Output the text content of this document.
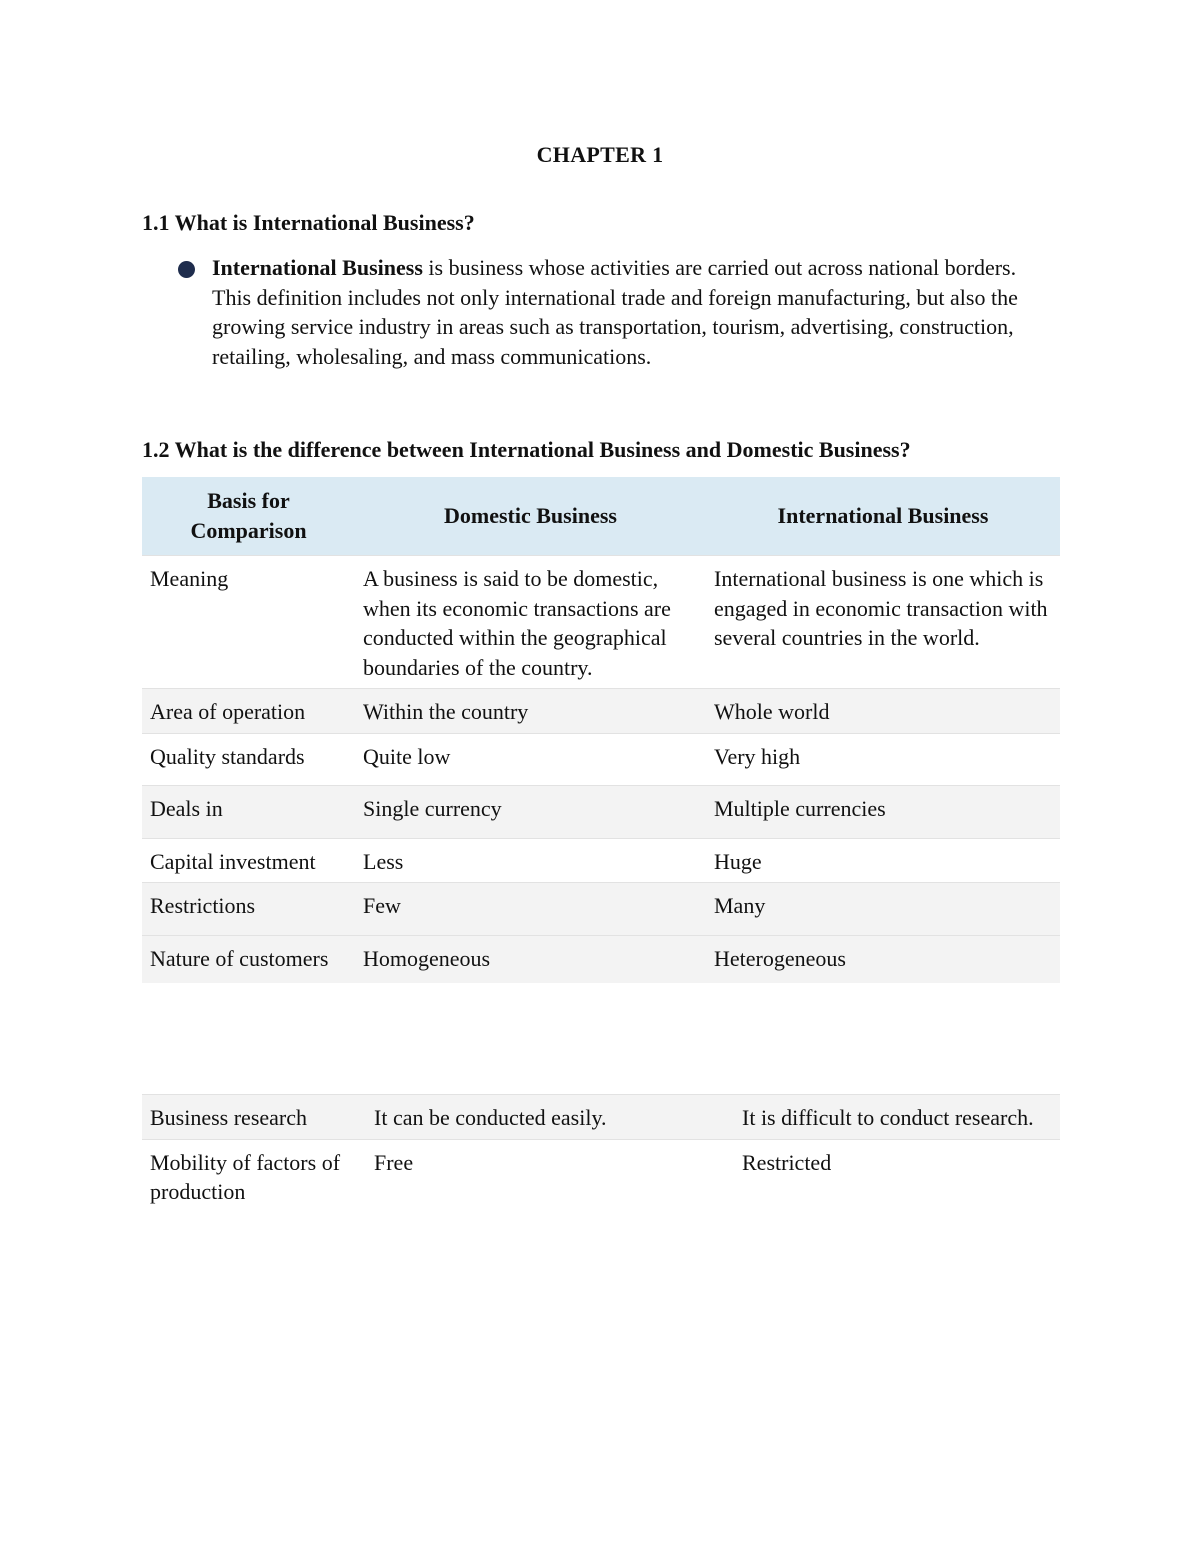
CHAPTER 1
1.1 What is International Business?
International Business is business whose activities are carried out across national borders. This definition includes not only international trade and foreign manufacturing, but also the growing service industry in areas such as transportation, tourism, advertising, construction, retailing, wholesaling, and mass communications.
1.2 What is the difference between International Business and Domestic Business?
Basis for Comparison	Domestic Business	International Business
Meaning	A business is said to be domestic, when its economic transactions are conducted within the geographical boundaries of the country.	International business is one which is engaged in economic transaction with several countries in the world.
Area of operation	Within the country	Whole world
Quality standards	Quite low	Very high
Deals in	Single currency	Multiple currencies
Capital investment	Less	Huge
Restrictions	Few	Many
Nature of customers	Homogeneous	Heterogeneous
Business research	It can be conducted easily.	It is difficult to conduct research.
Mobility of factors of production	Free	Restricted
